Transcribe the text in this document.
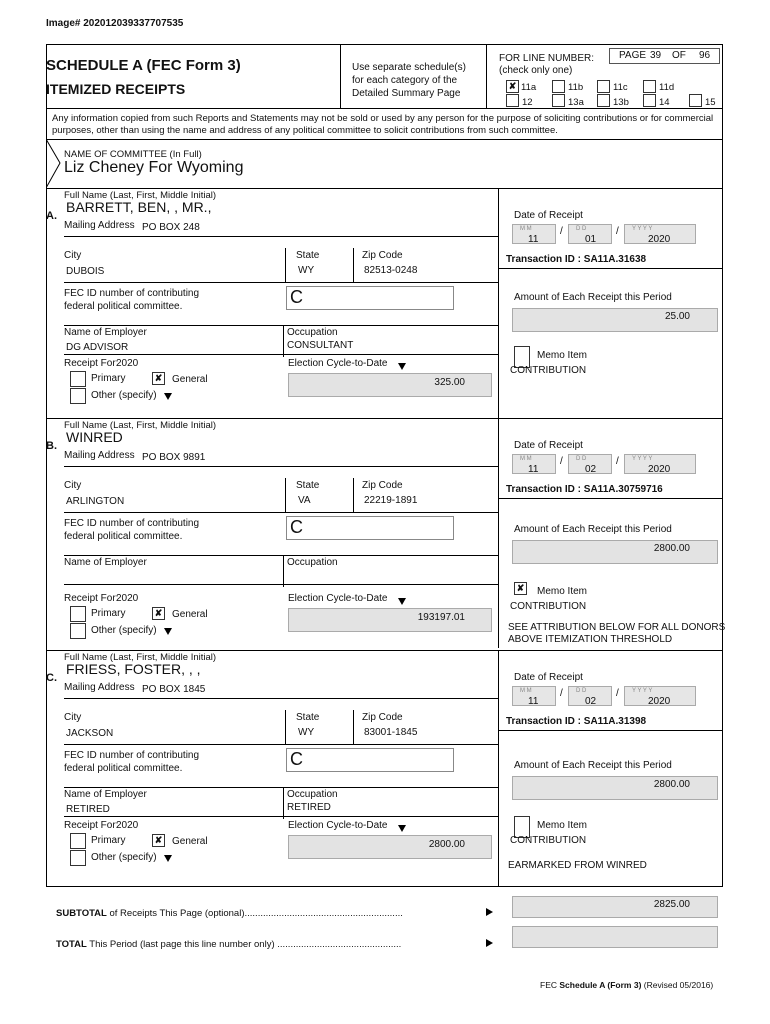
Image# 202012039337707535
SCHEDULE A (FEC Form 3)
ITEMIZED RECEIPTS
Use separate schedule(s)
for each category of the
Detailed Summary Page
FOR LINE NUMBER:
(check only one)
PAGE 39 OF 96
✘ 11a	11b	11c	11d
12	13a	13b	14	15
Any information copied from such Reports and Statements may not be sold or used by any person for the purpose of soliciting contributions or for commercial purposes, other than using the name and address of any political committee to solicit contributions from such committee.
NAME OF COMMITTEE (In Full)
Liz Cheney For Wyoming
Full Name (Last, First, Middle Initial)
A.
BARRETT, BEN, , MR.,
Mailing Address PO BOX 248
City
DUBOIS
State
WY
Zip Code
82513-0248
FEC ID number of contributing
federal political committee.	C
Name of Employer
DG ADVISOR
Occupation
CONSULTANT
Receipt For:
2020
Primary	✘ General
Other (specify)
Election Cycle-to-Date
325.00
Date of Receipt
M M
11
/ D D
01
/ Y Y Y Y
2020
Transaction ID : SA11A.31638
Amount of Each Receipt this Period
25.00
Memo Item
CONTRIBUTION
Full Name (Last, First, Middle Initial)
B.
WINRED
Mailing Address PO BOX 9891
City
ARLINGTON
State
VA
Zip Code
22219-1891
FEC ID number of contributing
federal political committee.	C
Name of Employer	Occupation
Receipt For:
2020
Primary	✘ General
Other (specify)
Election Cycle-to-Date
193197.01
Date of Receipt
M M
11
/ D D
02
/ Y Y Y Y
2020
Transaction ID : SA11A.30759716
Amount of Each Receipt this Period
2800.00
✘ Memo Item
CONTRIBUTION
SEE ATTRIBUTION BELOW FOR ALL DONORS
ABOVE ITEMIZATION THRESHOLD
Full Name (Last, First, Middle Initial)
C.
FRIESS, FOSTER, , ,
Mailing Address PO BOX 1845
City
JACKSON
State
WY
Zip Code
83001-1845
FEC ID number of contributing
federal political committee.	C
Name of Employer
RETIRED
Occupation
RETIRED
Receipt For:
2020
Primary	✘ General
Other (specify)
Election Cycle-to-Date
2800.00
Date of Receipt
M M
11
/ D D
02
/ Y Y Y Y
2020
Transaction ID : SA11A.31398
Amount of Each Receipt this Period
2800.00
Memo Item
CONTRIBUTION
EARMARKED FROM WINRED
SUBTOTAL of Receipts This Page (optional)............................................................
2825.00
TOTAL This Period (last page this line number only) ...............................................
FEC Schedule A (Form 3) (Revised 05/2016)
